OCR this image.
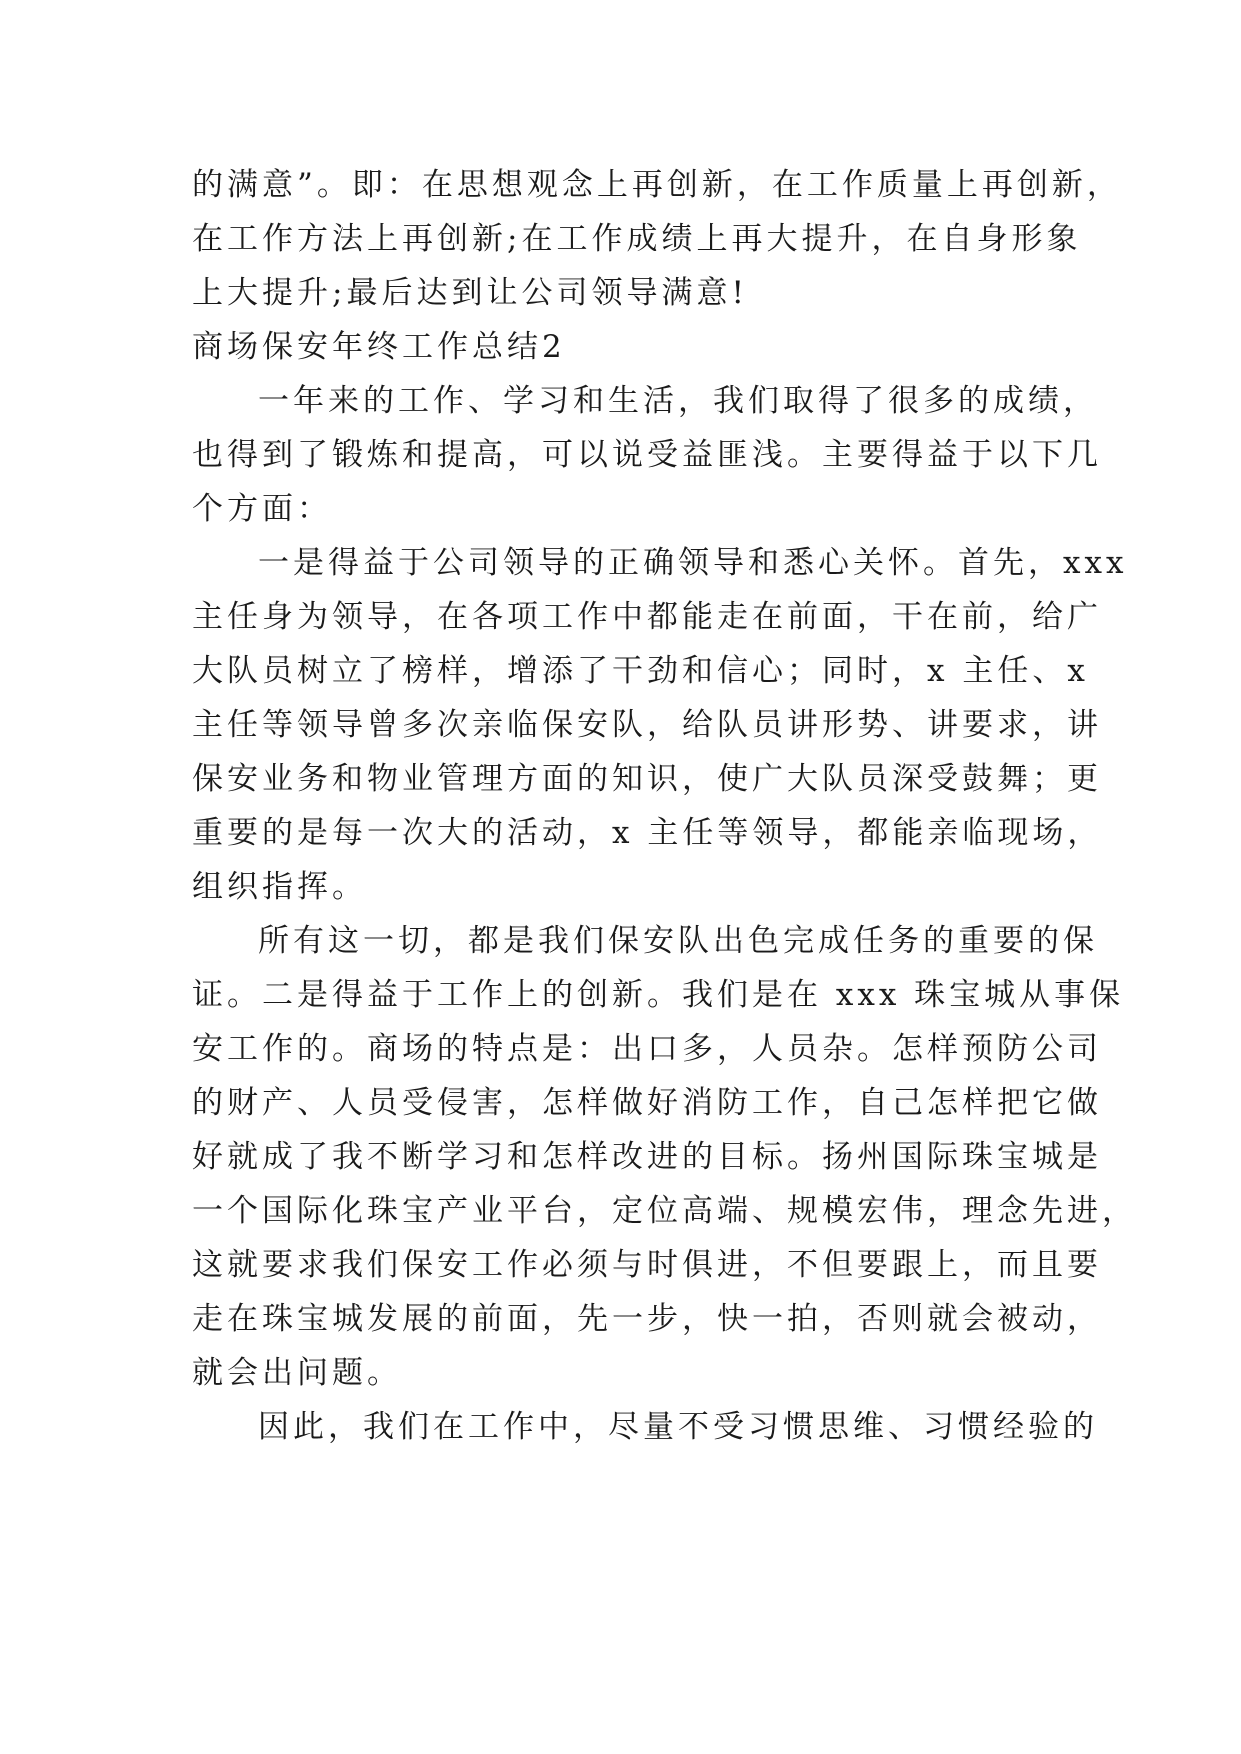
的满意”。即：在思想观念上再创新，在工作质量上再创新，
在工作方法上再创新;在工作成绩上再大提升，在自身形象
上大提升;最后达到让公司领导满意!
商场保安年终工作总结2
一年来的工作、学习和生活，我们取得了很多的成绩，
也得到了锻炼和提高，可以说受益匪浅。主要得益于以下几
个方面：
一是得益于公司领导的正确领导和悉心关怀。首先，xxx
主任身为领导，在各项工作中都能走在前面，干在前，给广
大队员树立了榜样，增添了干劲和信心；同时，x 主任、x
主任等领导曾多次亲临保安队，给队员讲形势、讲要求，讲
保安业务和物业管理方面的知识，使广大队员深受鼓舞；更
重要的是每一次大的活动，x 主任等领导，都能亲临现场，
组织指挥。
所有这一切，都是我们保安队出色完成任务的重要的保
证。二是得益于工作上的创新。我们是在 xxx 珠宝城从事保
安工作的。商场的特点是：出口多，人员杂。怎样预防公司
的财产、人员受侵害，怎样做好消防工作，自己怎样把它做
好就成了我不断学习和怎样改进的目标。扬州国际珠宝城是
一个国际化珠宝产业平台，定位高端、规模宏伟，理念先进，
这就要求我们保安工作必须与时俱进，不但要跟上，而且要
走在珠宝城发展的前面，先一步，快一拍，否则就会被动，
就会出问题。
因此，我们在工作中，尽量不受习惯思维、习惯经验的
